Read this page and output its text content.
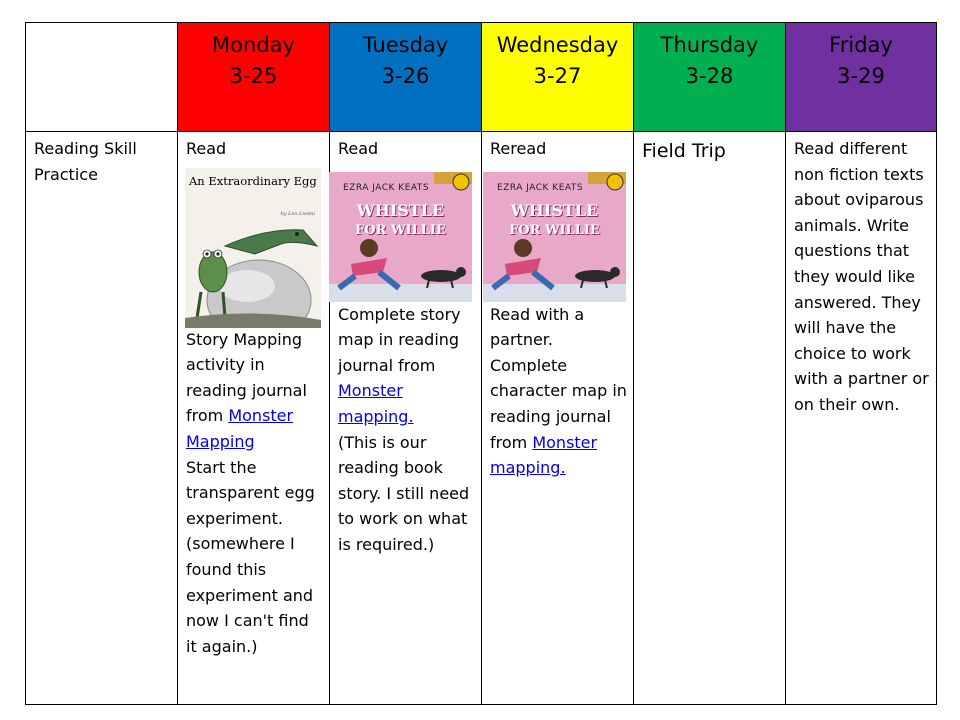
Monday
3-25
Tuesday
3-26
Wednesday
3-27
Thursday
3-28
Friday
3-29

Reading Skill Practice

Read

An Extraordinary Egg
by Leo Lionni

Story Mapping activity in reading journal from Monster Mapping
Start the transparent egg experiment. (somewhere I found this experiment and now I can't find it again.)

Read

EZRA JACK KEATS
WHISTLE
FOR WILLIE

Complete story map in reading journal from Monster mapping.
(This is our reading book story. I still need to work on what is required.)

Reread

EZRA JACK KEATS
WHISTLE
FOR WILLIE

Read with a partner. Complete character map in reading journal from Monster mapping.

Field Trip	Read different non fiction texts about oviparous animals. Write questions that they would like answered. They will have the choice to work with a partner or on their own.
